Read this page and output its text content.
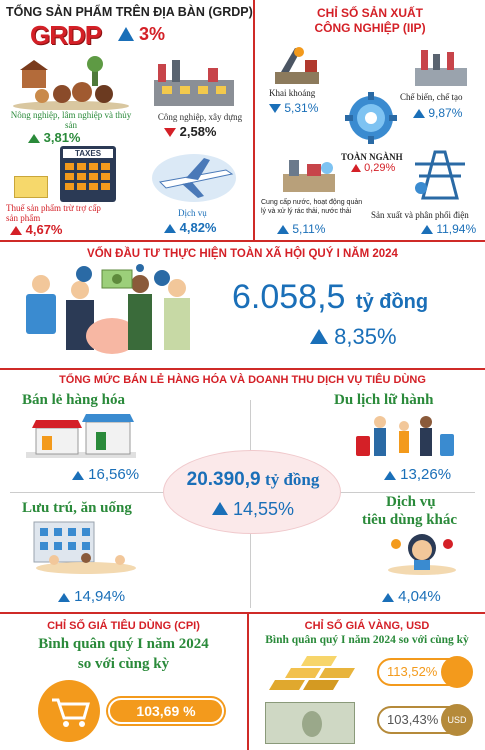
TỔNG SẢN PHẨM TRÊN ĐỊA BÀN (GRDP)
GRDP	3%
Nông nghiệp, lâm nghiệp và thủy sản
3,81%
Công nghiệp, xây dựng
2,58%
TAXES
Thuế sản phẩm trừ trợ cấp sản phẩm
4,67%
Dịch vụ
4,82%
CHỈ SỐ SẢN XUẤT
CÔNG NGHIỆP (IIP)
Khai khoáng
5,31%
Chế biến, chế tạo
9,87%
TOÀN NGÀNH
0,29%
Cung cấp nước, hoạt động quản lý và xử lý rác thải, nước thải
5,11%
Sản xuất và phân phối điện
11,94%
VỐN ĐẦU TƯ THỰC HIỆN TOÀN XÃ HỘI QUÝ I NĂM 2024
6.058,5 tỷ đồng
8,35%
TỔNG MỨC BÁN LẺ HÀNG HÓA VÀ DOANH THU DỊCH VỤ TIÊU DÙNG
Bán lẻ hàng hóa
16,56%
Du lịch lữ hành
13,26%
20.390,9 tỷ đồng
14,55%
Lưu trú, ăn uống
14,94%
Dịch vụ
tiêu dùng khác
4,04%
CHỈ SỐ GIÁ TIÊU DÙNG (CPI)
Bình quân quý I năm 2024
so với cùng kỳ
103,69 %
CHỈ SỐ GIÁ VÀNG, USD
Bình quân quý I năm 2024 so với cùng kỳ
113,52%
103,43%	USD
